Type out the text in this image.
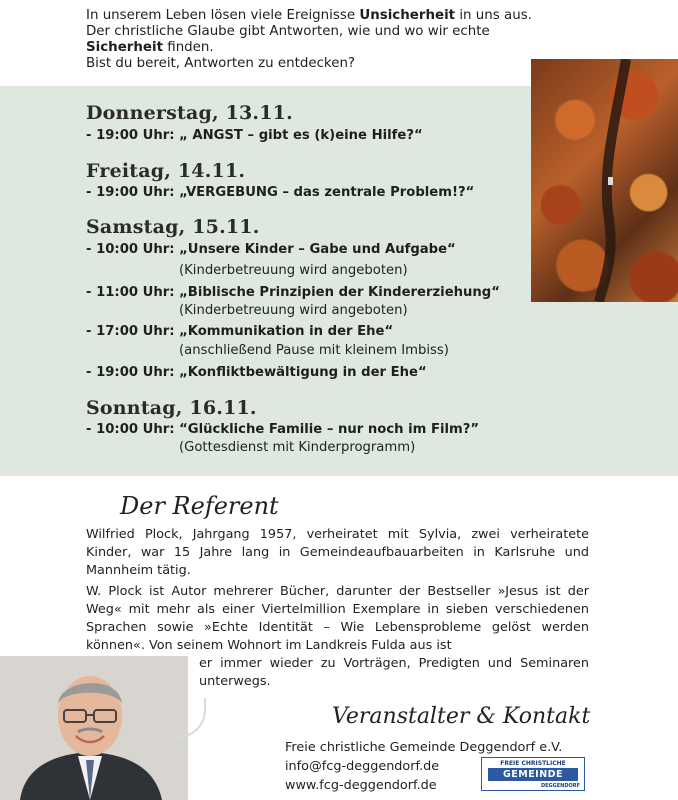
In unserem Leben lösen viele Ereignisse Unsicherheit in uns aus.
Der christliche Glaube gibt Antworten, wie und wo wir echte
Sicherheit finden.
Bist du bereit, Antworten zu entdecken?
Donnerstag, 13.11.
- 19:00 Uhr: „ ANGST – gibt es (k)eine Hilfe?“
Freitag, 14.11.
- 19:00 Uhr: „VERGEBUNG – das zentrale Problem!?“
Samstag, 15.11.
- 10:00 Uhr: „Unsere Kinder – Gabe und Aufgabe“
(Kinderbetreuung wird angeboten)
- 11:00 Uhr: „Biblische Prinzipien der Kindererziehung“
(Kinderbetreuung wird angeboten)
- 17:00 Uhr: „Kommunikation in der Ehe“
(anschließend Pause mit kleinem Imbiss)
- 19:00 Uhr: „Konfliktbewältigung in der Ehe“
Sonntag, 16.11.
- 10:00 Uhr: “Glückliche Familie – nur noch im Film?”
(Gottesdienst mit Kinderprogramm)
Der Referent
Wilfried Plock, Jahrgang 1957, verheiratet mit Sylvia, zwei verheiratete Kinder, war 15 Jahre lang in Gemeindeaufbauarbeiten in Karlsruhe und Mannheim tätig.
W. Plock ist Autor mehrerer Bücher, darunter der Bestseller »Jesus ist der Weg« mit mehr als einer Viertelmillion Exemplare in sieben verschiedenen Sprachen sowie »Echte Identität – Wie Lebensprobleme gelöst werden können«. Von seinem Wohnort im Landkreis Fulda aus ist
er immer wieder zu Vorträgen, Predigten und Seminaren unterwegs.
Veranstalter & Kontakt
Freie christliche Gemeinde Deggendorf e.V.
info@fcg-deggendorf.de
www.fcg-deggendorf.de
FREIE CHRISTLICHE
GEMEINDE
DEGGENDORF
